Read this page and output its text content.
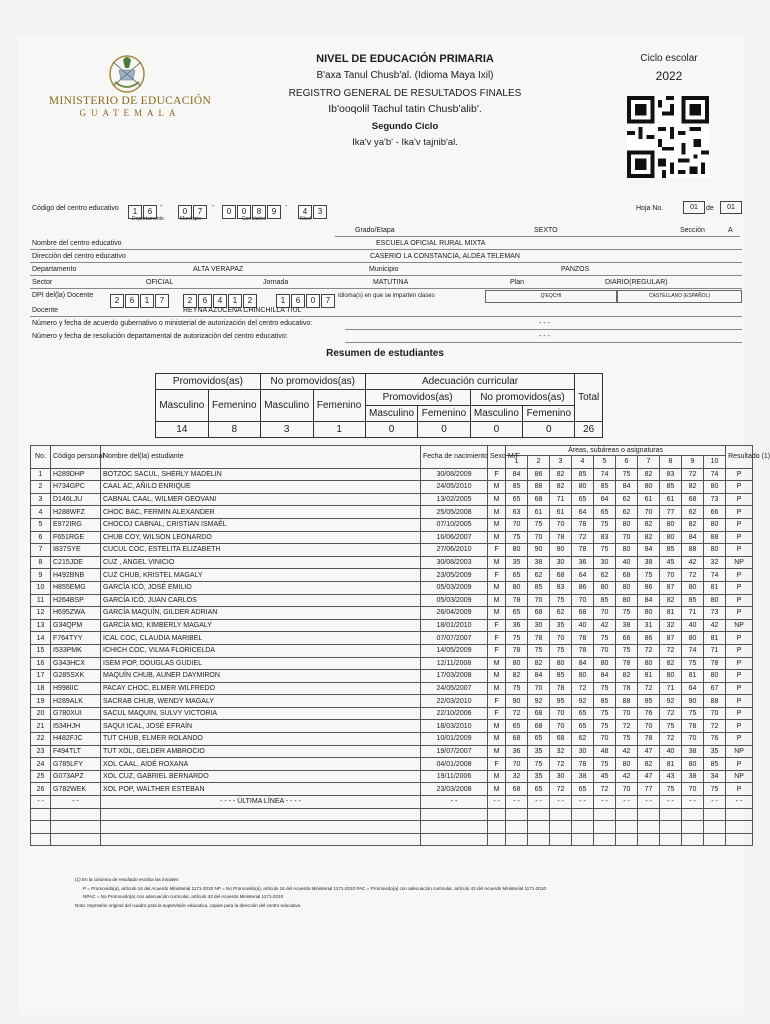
MINISTERIO DE EDUCACIÓN
GUATEMALA
NIVEL DE EDUCACIÓN PRIMARIA
B'axa Tanul Chusb'al. (Idioma Maya Ixil)
REGISTRO GENERAL DE RESULTADOS FINALES
Ib'ooqolil Tachul tatin Chusb'alib'.
Segundo Ciclo
Ika'v ya'b' - Ika'v tajnib'al.
Ciclo escolar
2022
Código del centro educativo	1 6
-
0 7
-
0 0 8 9
-
4 3
Departamento	Municipio	Correlativo	Nivel
Hoja No.	01	de	01
Grado/Etapa	SEXTO	Sección	A
Nombre del centro educativo	ESCUELA OFICIAL RURAL MIXTA
Dirección del centro educativo	CASERIO LA CONSTANCIA, ALDEA TELEMAN
Departamento	ALTA VERAPAZ	Municipio	PANZOS
Sector	OFICIAL	Jornada	MATUTINA	Plan	DIARIO(REGULAR)
DPI del(la) Docente
2 6 1 7	2 6 4 1 2	1 6 0 7	Idioma(s) en que se imparten clases	Q'EQCHI	CASTELLANO (ESPAÑOL)
Docente	REYNA AZUCENA CHINCHILLA TIUL
Número y fecha de acuerdo gubernativo o ministerial de autorización del centro educativo:	- - -
Número y fecha de resolución departamental de autorización del centro educativo:	- - -
Resumen de estudiantes
Promovidos(as)		No promovidos(as)		Adecuación curricular				Total
Masculino	Femenino	Masculino	Femenino	Promovidos(as)		No promovidos(as)		
				Masculino	Femenino	Masculino	Femenino	
14	8	3	1	0	0	0	0	26
No.	Código personal	Nombre del(la) estudiante	Fecha de nacimiento	Sexo M/F	Áreas, subáreas o asignaturas										Resultado (1)
					1	2	3	4	5	6	7	8	9	10	
1	H289DHP	BOTZOC SACUL, SHERLY MADELIN	30/08/2009	F	84	86	82	85	74	75	82	83	72	74	P
2	H734GPC	CAAL AC, AÑILO ENRIQUE	24/05/2010	M	85	88	82	80	85	84	80	85	82	80	P
3	D146LJU	CABNAL CAAL, WILMER GEOVANI	13/02/2005	M	65	68	71	65	64	62	61	61	68	73	P
4	H288WFZ	CHOC BAC, FERMIN ALEXANDER	25/05/2008	M	63	61	61	64	65	62	70	77	62	66	P
5	E972IRG	CHOCOJ CABNAL, CRISTIAN ISMAÉL	07/10/2005	M	70	75	70	78	75	80	82	80	82	80	P
6	F651RGE	CHUB COY, WILSON LEONARDO	16/06/2007	M	75	70	78	72	83	70	82	80	84	88	P
7	I837SYE	CUCUL COC, ESTELITA ELIZABETH	27/06/2010	F	80	90	80	78	75	80	84	85	88	80	P
8	C215JDE	CUZ , ANGEL VINICIO	30/08/2003	M	35	38	30	36	30	40	38	45	42	32	NP
9	H492BNB	CUZ CHUB, KRISTEL MAGALY	23/05/2009	F	65	62	68	64	62	68	75	70	72	74	P
10	H855EMG	GARCÍA ICÓ, JOSÉ EMILIO	05/03/2009	M	80	85	83	86	80	80	86	87	80	81	P
11	H264BSP	GARCÍA ICÓ, JUAN CARLOS	05/03/2009	M	78	70	75	70	85	80	84	82	85	80	P
12	H695ZWA	GARCÍA MAQUÍN, GILDER ADRIAN	26/04/2009	M	65	68	62	68	70	75	80	81	71	73	P
13	G34QPM	GARCÍA MO, KIMBERLY MAGALY	18/01/2010	F	36	30	35	40	42	38	31	32	40	42	NP
14	F764TYY	ICAL COC, CLAUDIA MARIBEL	07/07/2007	F	75	78	70	78	75	66	86	87	80	81	P
15	I533PMK	ICHICH COC, VILMA FLORICELDA	14/05/2009	F	78	75	75	78	70	75	72	72	74	71	P
16	G343HCX	ISEM POP, DOUGLAS GUDIEL	12/11/2008	M	80	82	80	84	80	78	80	82	75	78	P
17	G285SXK	MAQUÍN CHUB, AUNER DAYMIRON	17/03/2008	M	82	84	85	80	84	82	81	80	81	80	P
18	H998IIC	PACAY CHOC, ELMER WILFREDO	24/05/2007	M	75	70	78	72	75	78	72	71	64	67	P
19	H289ALK	SACRAB CHUB, WENDY MAGALY	22/03/2010	F	90	92	95	92	85	88	85	92	90	88	P
20	G780XUI	SACUL MAQUIN, SULVY VICTORIA	22/10/2006	F	72	68	70	65	75	70	76	72	75	70	P
21	I534HJH	SAQUI ICAL, JOSÉ EFRAÍN	18/03/2010	M	65	68	70	65	75	72	70	75	78	72	P
22	H482FJC	TUT CHUB, ELMER ROLANDO	10/01/2009	M	68	65	68	62	70	75	78	72	70	76	P
23	F494TLT	TUT XOL, GELDER AMBROCIO	19/07/2007	M	36	35	32	30	48	42	47	40	38	35	NP
24	G785LFY	XOL CAAL, AIDÉ ROXANA	04/01/2008	F	70	75	72	78	75	80	82	81	80	85	P
25	G073APZ	XOL CUZ, GABRIEL BERNARDO	19/11/2006	M	32	35	30	38	45	42	47	43	38	34	NP
26	G782WEK	XOL POP, WALTHER ESTEBAN	23/03/2008	M	68	65	72	65	72	70	77	75	70	75	P
- -	- -	- - - - ÚLTIMA LÍNEA - - - -	- -	- -	- -	- -	- -	- -	- -	- -	- -	- -	- -	- -	- -

(1) En la columna de resultado escriba las iniciales
P = Promovido(a), artículo 16 del Acuerdo Ministerial 1171-2010 NP = No Promovido(a), artículo 16 del Acuerdo Ministerial 1171-2010 PAC = Promovido(a) con adecuación curricular, artículo 43 del Acuerdo Ministerial 1171-2010
NPAC = No Promovido(a) con adecuación curricular, artículo 43 del Acuerdo Ministerial 1171-2010
Nota: Impresión original del cuadro para la supervisión educativa, copias para la dirección del centro educativo.
